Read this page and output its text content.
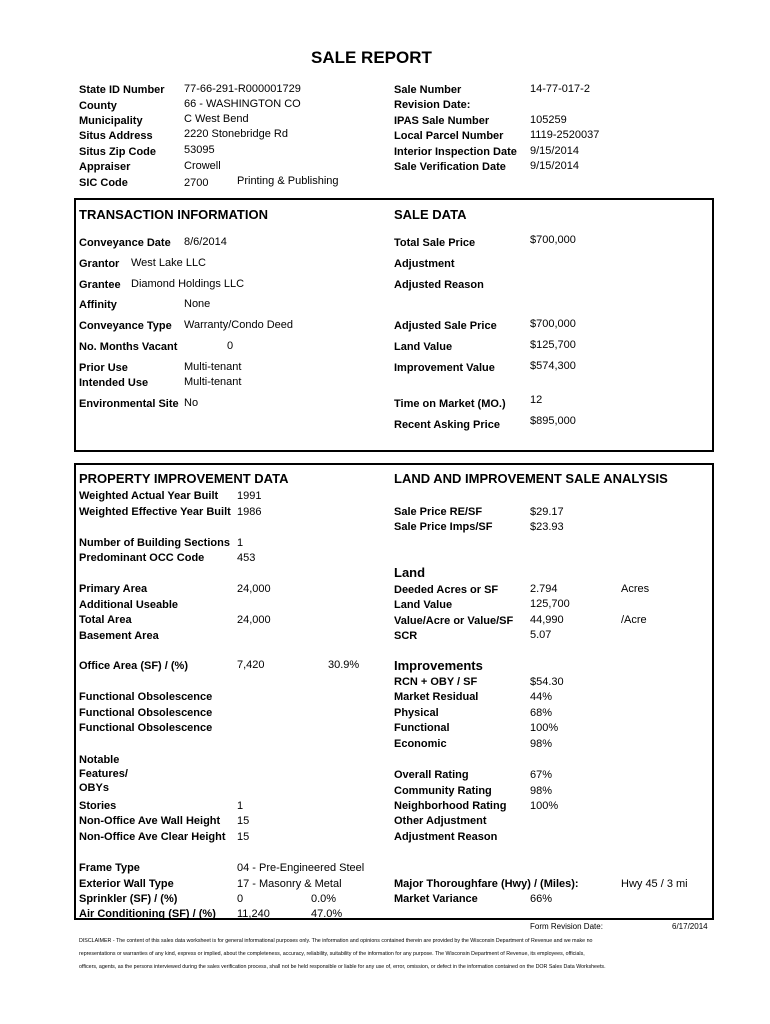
SALE REPORT
State ID Number 77-66-291-R000001729
County	66 - WASHINGTON CO
Municipality	C West Bend
Situs Address	2220 Stonebridge Rd
Situs Zip Code	53095
Appraiser	Crowell
SIC Code	2700	Printing & Publishing
Sale Number	14-77-017-2
Revision Date:
IPAS Sale Number	105259
Local Parcel Number 1119-2520037
Interior Inspection Date 9/15/2014
Sale Verification Date 9/15/2014
TRANSACTION INFORMATION
Conveyance Date 8/6/2014
Grantor West Lake LLC
Grantee Diamond Holdings LLC
Affinity	None
Conveyance Type Warranty/Condo Deed
No. Months Vacant	0
Prior Use	Multi-tenant
Intended Use	Multi-tenant
Environmental Site No
SALE DATA
Total Sale Price	$700,000
Adjustment
Adjusted Reason
Adjusted Sale Price	$700,000
Land Value	$125,700
Improvement Value	$574,300
Time on Market (MO.) 12
Recent Asking Price	$895,000
PROPERTY IMPROVEMENT DATA
Weighted Actual Year Built 1991
Weighted Effective Year Built 1986
Number of Building Sections 1
Predominant OCC Code	453
Primary Area	24,000
Additional Useable
Total Area	24,000
Basement Area
Office Area (SF) / (%)	7,420	30.9%
Functional Obsolescence
Functional Obsolescence
Functional Obsolescence
Notable
Features/
OBYs
Stories	1
Non-Office Ave Wall Height 15
Non-Office Ave Clear Height 15
Frame Type	04 - Pre-Engineered Steel
Exterior Wall Type	17 - Masonry & Metal
Sprinkler (SF) / (%)	0	0.0%
Air Conditioning (SF) / (%) 11,240	47.0%
LAND AND IMPROVEMENT SALE ANALYSIS
Sale Price RE/SF	$29.17
Sale Price Imps/SF	$23.93
Land
Deeded Acres or SF	2.794	Acres
Land Value	125,700
Value/Acre or Value/SF 44,990	/Acre
SCR	5.07
Improvements
RCN + OBY / SF	$54.30
Market Residual	44%
Physical	68%
Functional	100%
Economic	98%
Overall Rating	67%
Community Rating	98%
Neighborhood Rating 100%
Other Adjustment
Adjustment Reason
Major Thoroughfare (Hwy) / (Miles):	Hwy 45 / 3 mi
Market Variance	66%
Form Revision Date:	6/17/2014
DISCLAIMER - The content of this sales data worksheet is for general informational purposes only. The information and opinions contained therein are provided by the Wisconsin Department of Revenue and we make no
representations or warranties of any kind, express or implied, about the completeness, accuracy, reliability, suitability of the information for any purpose. The Wisconsin Department of Revenue, its employees, officials,
officers, agents, as the persons interviewed during the sales verification process, shall not be held responsible or liable for any use of, error, omission, or defect in the information contained on the DOR Sales Data Worksheets.
